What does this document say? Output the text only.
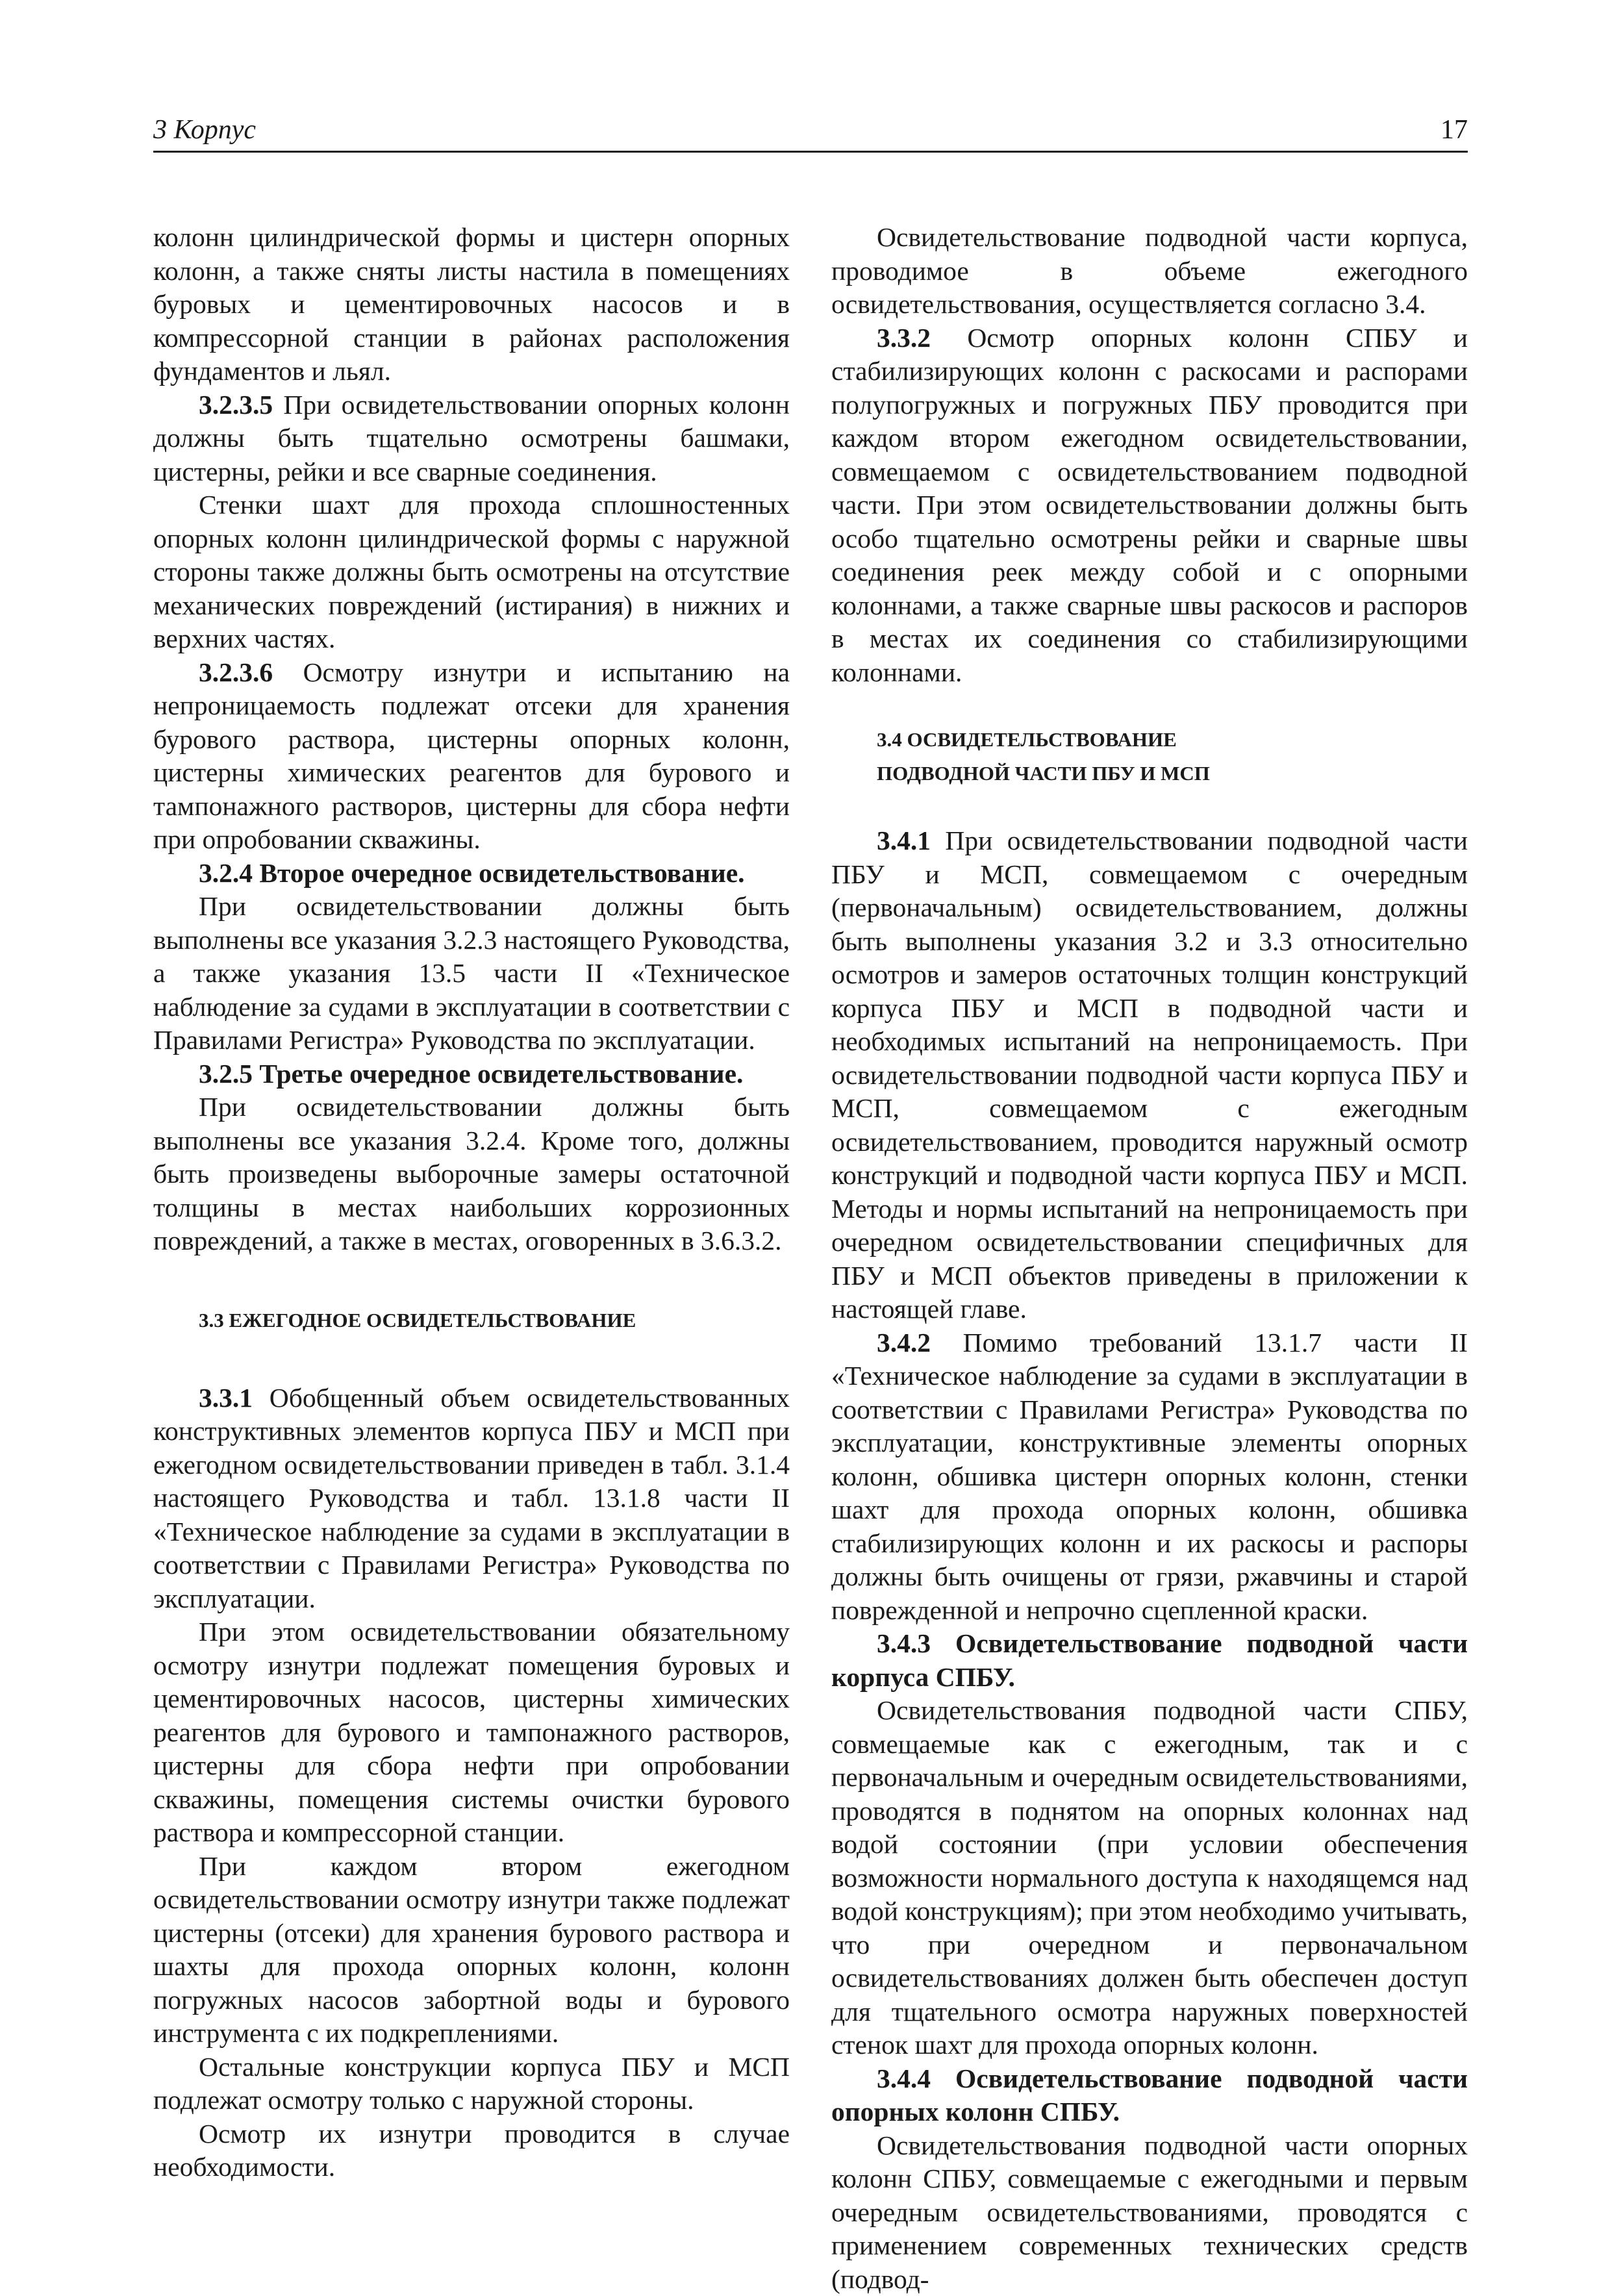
3 Корпус	17

колонн цилиндрической формы и цистерн опорных колонн, а также сняты листы настила в помещениях буровых и цементировочных насосов и в компрессорной станции в районах расположения фундаментов и льял.

3.2.3.5 При освидетельствовании опорных колонн должны быть тщательно осмотрены башмаки, цистерны, рейки и все сварные соединения.

Стенки шахт для прохода сплошностенных опорных колонн цилиндрической формы с наружной стороны также должны быть осмотрены на отсутствие механических повреждений (истирания) в нижних и верхних частях.

3.2.3.6 Осмотру изнутри и испытанию на непроницаемость подлежат отсеки для хранения бурового раствора, цистерны опорных колонн, цистерны химических реагентов для бурового и тампонажного растворов, цистерны для сбора нефти при опробовании скважины.

3.2.4 Второе очередное освидетельствование.

При освидетельствовании должны быть выполнены все указания 3.2.3 настоящего Руководства, а также указания 13.5 части II «Техническое наблюдение за судами в эксплуатации в соответствии с Правилами Регистра» Руководства по эксплуатации.

3.2.5 Третье очередное освидетельствование.

При освидетельствовании должны быть выполнены все указания 3.2.4. Кроме того, должны быть произведены выборочные замеры остаточной толщины в местах наибольших коррозионных повреждений, а также в местах, оговоренных в 3.6.3.2.

3.3 ЕЖЕГОДНОЕ ОСВИДЕТЕЛЬСТВОВАНИЕ

3.3.1 Обобщенный объем освидетельствованных конструктивных элементов корпуса ПБУ и МСП при ежегодном освидетельствовании приведен в табл. 3.1.4 настоящего Руководства и табл. 13.1.8 части II «Техническое наблюдение за судами в эксплуатации в соответствии с Правилами Регистра» Руководства по эксплуатации.

При этом освидетельствовании обязательному осмотру изнутри подлежат помещения буровых и цементировочных насосов, цистерны химических реагентов для бурового и тампонажного растворов, цистерны для сбора нефти при опробовании скважины, помещения системы очистки бурового раствора и компрессорной станции.

При каждом втором ежегодном освидетельствовании осмотру изнутри также подлежат цистерны (отсеки) для хранения бурового раствора и шахты для прохода опорных колонн, колонн погружных насосов забортной воды и бурового инструмента с их подкреплениями.

Остальные конструкции корпуса ПБУ и МСП подлежат осмотру только с наружной стороны.

Осмотр их изнутри проводится в случае необходимости.

Освидетельствование подводной части корпуса, проводимое в объеме ежегодного освидетельствования, осуществляется согласно 3.4.

3.3.2 Осмотр опорных колонн СПБУ и стабилизирующих колонн с раскосами и распорами полупогружных и погружных ПБУ проводится при каждом втором ежегодном освидетельствовании, совмещаемом с освидетельствованием подводной части. При этом освидетельствовании должны быть особо тщательно осмотрены рейки и сварные швы соединения реек между собой и с опорными колоннами, а также сварные швы раскосов и распоров в местах их соединения со стабилизирующими колоннами.

3.4 ОСВИДЕТЕЛЬСТВОВАНИЕ

ПОДВОДНОЙ ЧАСТИ ПБУ И МСП

3.4.1 При освидетельствовании подводной части ПБУ и МСП, совмещаемом с очередным (первоначальным) освидетельствованием, должны быть выполнены указания 3.2 и 3.3 относительно осмотров и замеров остаточных толщин конструкций корпуса ПБУ и МСП в подводной части и необходимых испытаний на непроницаемость. При освидетельствовании подводной части корпуса ПБУ и МСП, совмещаемом с ежегодным освидетельствованием, проводится наружный осмотр конструкций и подводной части корпуса ПБУ и МСП. Методы и нормы испытаний на непроницаемость при очередном освидетельствовании специфичных для ПБУ и МСП объектов приведены в приложении к настоящей главе.

3.4.2 Помимо требований 13.1.7 части II «Техническое наблюдение за судами в эксплуатации в соответствии с Правилами Регистра» Руководства по эксплуатации, конструктивные элементы опорных колонн, обшивка цистерн опорных колонн, стенки шахт для прохода опорных колонн, обшивка стабилизирующих колонн и их раскосы и распоры должны быть очищены от грязи, ржавчины и старой поврежденной и непрочно сцепленной краски.

3.4.3 Освидетельствование подводной части корпуса СПБУ.

Освидетельствования подводной части СПБУ, совмещаемые как с ежегодным, так и с первоначальным и очередным освидетельствованиями, проводятся в поднятом на опорных колоннах над водой состоянии (при условии обеспечения возможности нормального доступа к находящемся над водой конструкциям); при этом необходимо учитывать, что при очередном и первоначальном освидетельствованиях должен быть обеспечен доступ для тщательного осмотра наружных поверхностей стенок шахт для прохода опорных колонн.

3.4.4 Освидетельствование подводной части опорных колонн СПБУ.

Освидетельствования подводной части опорных колонн СПБУ, совмещаемые с ежегодными и первым очередным освидетельствованиями, проводятся с применением современных технических средств (подвод-
